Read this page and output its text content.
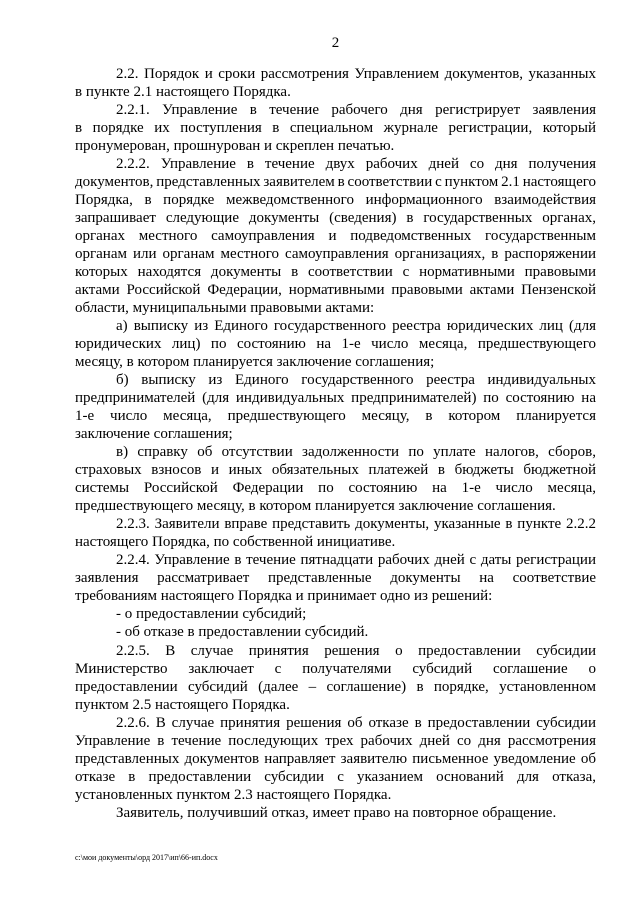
2
2.2. Порядок и сроки рассмотрения Управлением документов, указанных
в пункте 2.1 настоящего Порядка.
2.2.1. Управление в течение рабочего дня регистрирует заявления
в порядке их поступления в специальном журнале регистрации, который
пронумерован, прошнурован и скреплен печатью.
2.2.2. Управление в течение двух рабочих дней со дня получения
документов, представленных заявителем в соответствии с пунктом 2.1 настоящего
Порядка, в порядке межведомственного информационного взаимодействия
запрашивает следующие документы (сведения) в государственных органах,
органах местного самоуправления и подведомственных государственным
органам или органам местного самоуправления организациях, в распоряжении
которых находятся документы в соответствии с нормативными правовыми
актами Российской Федерации, нормативными правовыми актами Пензенской
области, муниципальными правовыми актами:
а) выписку из Единого государственного реестра юридических лиц (для
юридических лиц) по состоянию на 1-е число месяца, предшествующего
месяцу, в котором планируется заключение соглашения;
б) выписку из Единого государственного реестра индивидуальных
предпринимателей (для индивидуальных предпринимателей) по состоянию на
1-е число месяца, предшествующего месяцу, в котором планируется
заключение соглашения;
в) справку об отсутствии задолженности по уплате налогов, сборов,
страховых взносов и иных обязательных платежей в бюджеты бюджетной
системы Российской Федерации по состоянию на 1-е число месяца,
предшествующего месяцу, в котором планируется заключение соглашения.
2.2.3. Заявители вправе представить документы, указанные в пункте 2.2.2
настоящего Порядка, по собственной инициативе.
2.2.4. Управление в течение пятнадцати рабочих дней с даты регистрации
заявления рассматривает представленные документы на соответствие
требованиям настоящего Порядка и принимает одно из решений:
- о предоставлении субсидий;
- об отказе в предоставлении субсидий.
2.2.5. В случае принятия решения о предоставлении субсидии
Министерство заключает с получателями субсидий соглашение о
предоставлении субсидий (далее – соглашение) в порядке, установленном
пунктом 2.5 настоящего Порядка.
2.2.6. В случае принятия решения об отказе в предоставлении субсидии
Управление в течение последующих трех рабочих дней со дня рассмотрения
представленных документов направляет заявителю письменное уведомление об
отказе в предоставлении субсидии с указанием оснований для отказа,
установленных пунктом 2.3 настоящего Порядка.
Заявитель, получивший отказ, имеет право на повторное обращение.
c:\мои документы\орд 2017\ип\66-ип.docx
